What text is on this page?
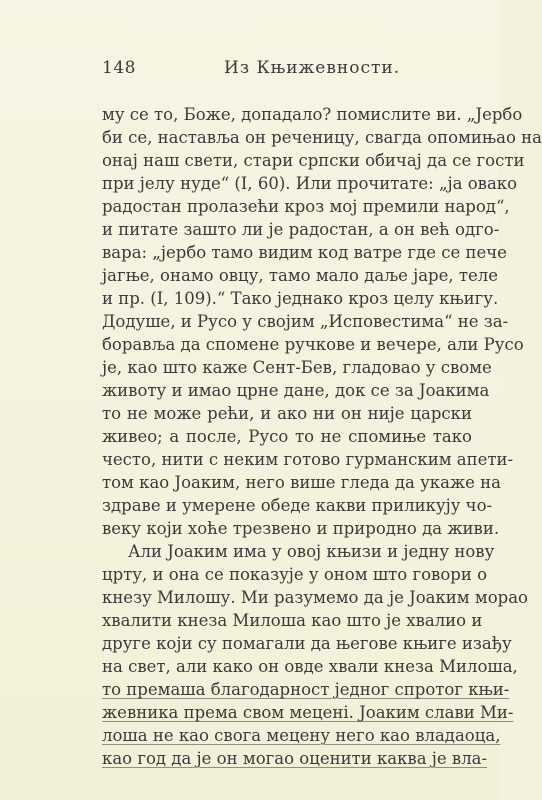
148	Из Књижевности.
му се то, Боже, допадало? помислите ви. „Јербо
би се, наставља он реченицу, свагда опомињао на
онај наш свети, стари српски обичај да се гости
при јелу нуде“ (I, 60). Или прочитате: „ја овако
радостан пролазећи кроз мој премили народ“,
и питате зашто ли је радостан, а он већ одго-
вара: „јербо тамо видим код ватре где се пече
јагње, онамо овцу, тамо мало даље јаре, теле
и пр. (I, 109).“ Тако једнако кроз целу књигу.
Додуше, и Русо у својим „Исповестима“ не за-
боравља да спомене ручкове и вечере, али Русо
је, као што каже Сент-Бев, гладовао у своме
животу и имао црне дане, док се за Јоакима
то не може рећи, и ако ни он није царски
живео; а после, Русо то не спомиње тако
често, нити с неким готово гурманским апети-
том као Јоаким, него више гледа да укаже на
здраве и умерене обеде какви приликују чо-
веку који хоће трезвено и природно да живи.
Али Јоаким има у овој књизи и једну нову
црту, и она се показује у оном што говори о
кнезу Милошу. Ми разумемо да је Јоаким морао
хвалити кнеза Милоша као што је хвалио и
друге који су помагали да његове књиге изађу
на свет, али како он овде хвали кнеза Милоша,
то премаша благодарност једног спротог књи-
жевника према свом меценi. Јоаким слави Ми-
лоша не као свога мецену него као владаоца,
као год да је он могао оценити каква је вла-
